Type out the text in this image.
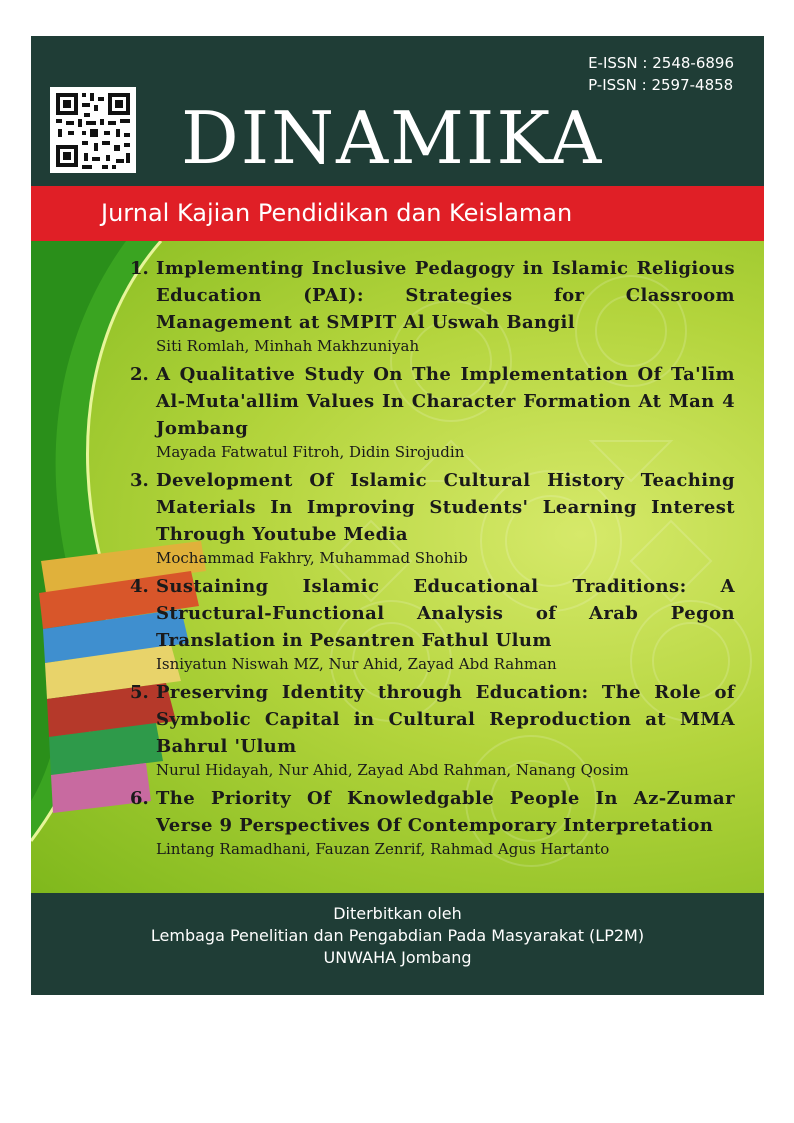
E-ISSN : 2548-6896
P-ISSN : 2597-4858
DINAMIKA
Jurnal Kajian Pendidikan dan Keislaman
1. Implementing Inclusive Pedagogy in Islamic Religious Education (PAI): Strategies for Classroom Management at SMPIT Al Uswah Bangil
Siti Romlah, Minhah Makhzuniyah
2. A Qualitative Study On The Implementation Of Ta'līm Al-Muta'allim Values In Character Formation At Man 4 Jombang
Mayada Fatwatul Fitroh, Didin Sirojudin
3. Development Of Islamic Cultural History Teaching Materials In Improving Students' Learning Interest Through Youtube Media
Mochammad Fakhry, Muhammad Shohib
4. Sustaining Islamic Educational Traditions: A Structural-Functional Analysis of Arab Pegon Translation in Pesantren Fathul Ulum
Isniyatun Niswah MZ, Nur Ahid, Zayad Abd Rahman
5. Preserving Identity through Education: The Role of Symbolic Capital in Cultural Reproduction at MMA Bahrul 'Ulum
Nurul Hidayah, Nur Ahid, Zayad Abd Rahman, Nanang Qosim
6. The Priority Of Knowledgable People In Az-Zumar Verse 9 Perspectives Of Contemporary Interpretation
Lintang Ramadhani, Fauzan Zenrif, Rahmad Agus Hartanto
Diterbitkan oleh
Lembaga Penelitian dan Pengabdian Pada Masyarakat (LP2M)
UNWAHA Jombang
